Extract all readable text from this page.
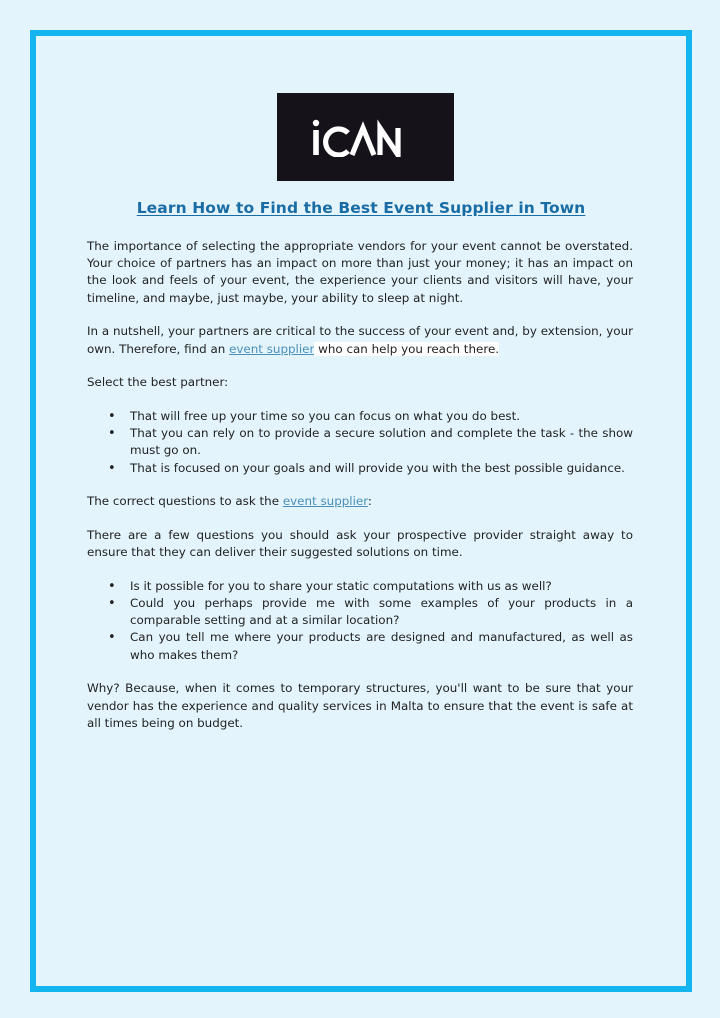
Learn How to Find the Best Event Supplier in Town

The importance of selecting the appropriate vendors for your event cannot be overstated. Your choice of partners has an impact on more than just your money; it has an impact on the look and feels of your event, the experience your clients and visitors will have, your timeline, and maybe, just maybe, your ability to sleep at night.

In a nutshell, your partners are critical to the success of your event and, by extension, your own. Therefore, find an event supplier who can help you reach there.

Select the best partner:

• That will free up your time so you can focus on what you do best.
• That you can rely on to provide a secure solution and complete the task - the show must go on.
• That is focused on your goals and will provide you with the best possible guidance.

The correct questions to ask the event supplier:

There are a few questions you should ask your prospective provider straight away to ensure that they can deliver their suggested solutions on time.

• Is it possible for you to share your static computations with us as well?
• Could you perhaps provide me with some examples of your products in a comparable setting and at a similar location?
• Can you tell me where your products are designed and manufactured, as well as who makes them?

Why? Because, when it comes to temporary structures, you'll want to be sure that your vendor has the experience and quality services in Malta to ensure that the event is safe at all times being on budget.
